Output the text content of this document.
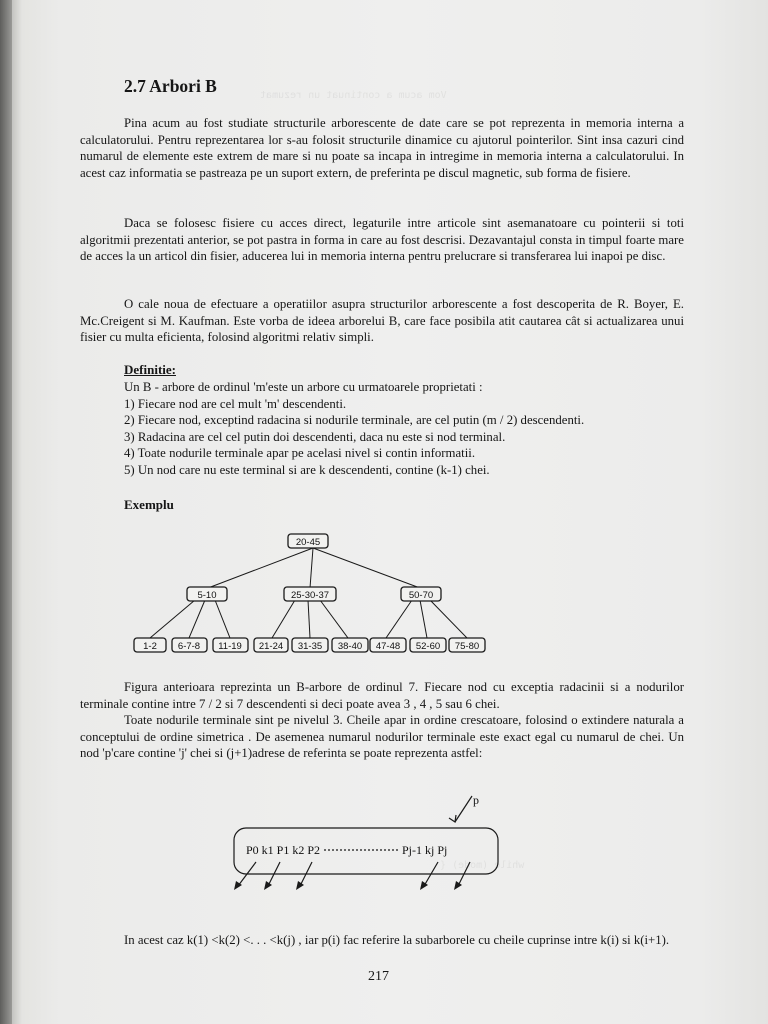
Vom acum a continuat un rezumat
while (mode) {
2.7 Arbori B

Pina acum au fost studiate structurile arborescente de date care se pot reprezenta in memoria interna a calculatorului. Pentru reprezentarea lor s-au folosit structurile dinamice cu ajutorul pointerilor. Sint insa cazuri cind numarul de elemente este extrem de mare si nu poate sa incapa in intregime in memoria interna a calculatorului. In acest caz informatia se pastreaza pe un suport extern, de preferinta pe discul magnetic, sub forma de fisiere.

Daca se folosesc fisiere cu acces direct, legaturile intre articole sint asemanatoare cu pointerii si toti algoritmii prezentati anterior, se pot pastra in forma in care au fost descrisi. Dezavantajul consta in timpul foarte mare de acces la un articol din fisier, aducerea lui in memoria interna pentru prelucrare si transferarea lui inapoi pe disc.

O cale noua de efectuare a operatiilor asupra structurilor arborescente a fost descoperita de R. Boyer, E. Mc.Creigent si M. Kaufman. Este vorba de ideea arborelui B, care face posibila atit cautarea cât si actualizarea unui fisier cu multa eficienta, folosind algoritmi relativ simpli.

Definitie:
Un B - arbore de ordinul 'm'este un arbore cu urmatoarele proprietati :
1) Fiecare nod are cel mult 'm' descendenti.
2) Fiecare nod, exceptind radacina si nodurile terminale, are cel putin (m / 2) descendenti.
3) Radacina are cel cel putin doi descendenti, daca nu este si nod terminal.
4) Toate nodurile terminale apar pe acelasi nivel si contin informatii.
5) Un nod care nu este terminal si are k descendenti, contine (k-1) chei.
Exemplu
20-45
5-10	25-30-37	50-70
1-2 6-7-8 11-19 21-24 31-35 38-40 47-48 52-60 75-80

Figura anterioara reprezinta un B-arbore de ordinul 7. Fiecare nod cu exceptia radacinii si a nodurilor terminale contine intre 7 / 2 si 7 descendenti si deci poate avea 3 , 4 , 5 sau 6 chei.

Toate nodurile terminale sint pe nivelul 3. Cheile apar in ordine crescatoare, folosind o extindere naturala a conceptului de ordine simetrica . De asemenea numarul nodurilor terminale este exact egal cu numarul de chei. Un nod 'p'care contine 'j' chei si (j+1)adrese de referinta se poate reprezenta astfel:

p
P0 k1 P1 k2 P2	Pj-1 kj Pj

In acest caz k(1) <k(2) <. . . <k(j) , iar p(i) fac referire la subarborele cu cheile cuprinse intre k(i) si k(i+1).

217
